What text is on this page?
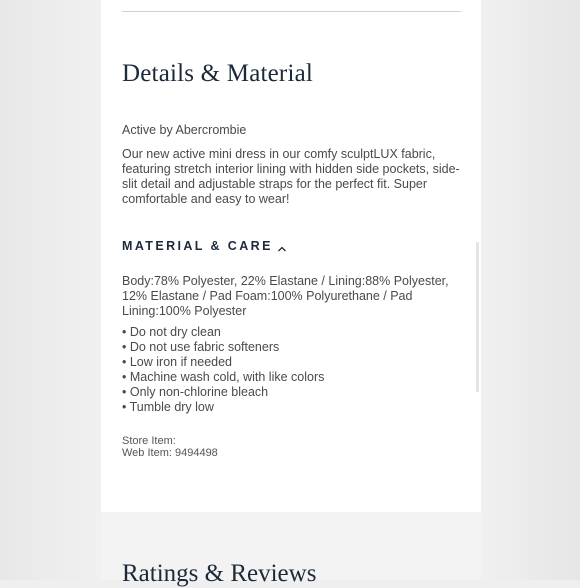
Details & Material
Active by Abercrombie

Our new active mini dress in our comfy sculptLUX fabric, featuring stretch interior lining with hidden side pockets, side-slit detail and adjustable straps for the perfect fit. Super comfortable and easy to wear!

MATERIAL & CARE

Body:78% Polyester, 22% Elastane / Lining:88% Polyester, 12% Elastane / Pad Foam:100% Polyurethane / Pad Lining:100% Polyester

• Do not dry clean
• Do not use fabric softeners
• Low iron if needed
• Machine wash cold, with like colors
• Only non-chlorine bleach
• Tumble dry low
Store Item:
Web Item: 9494498
Ratings & Reviews
